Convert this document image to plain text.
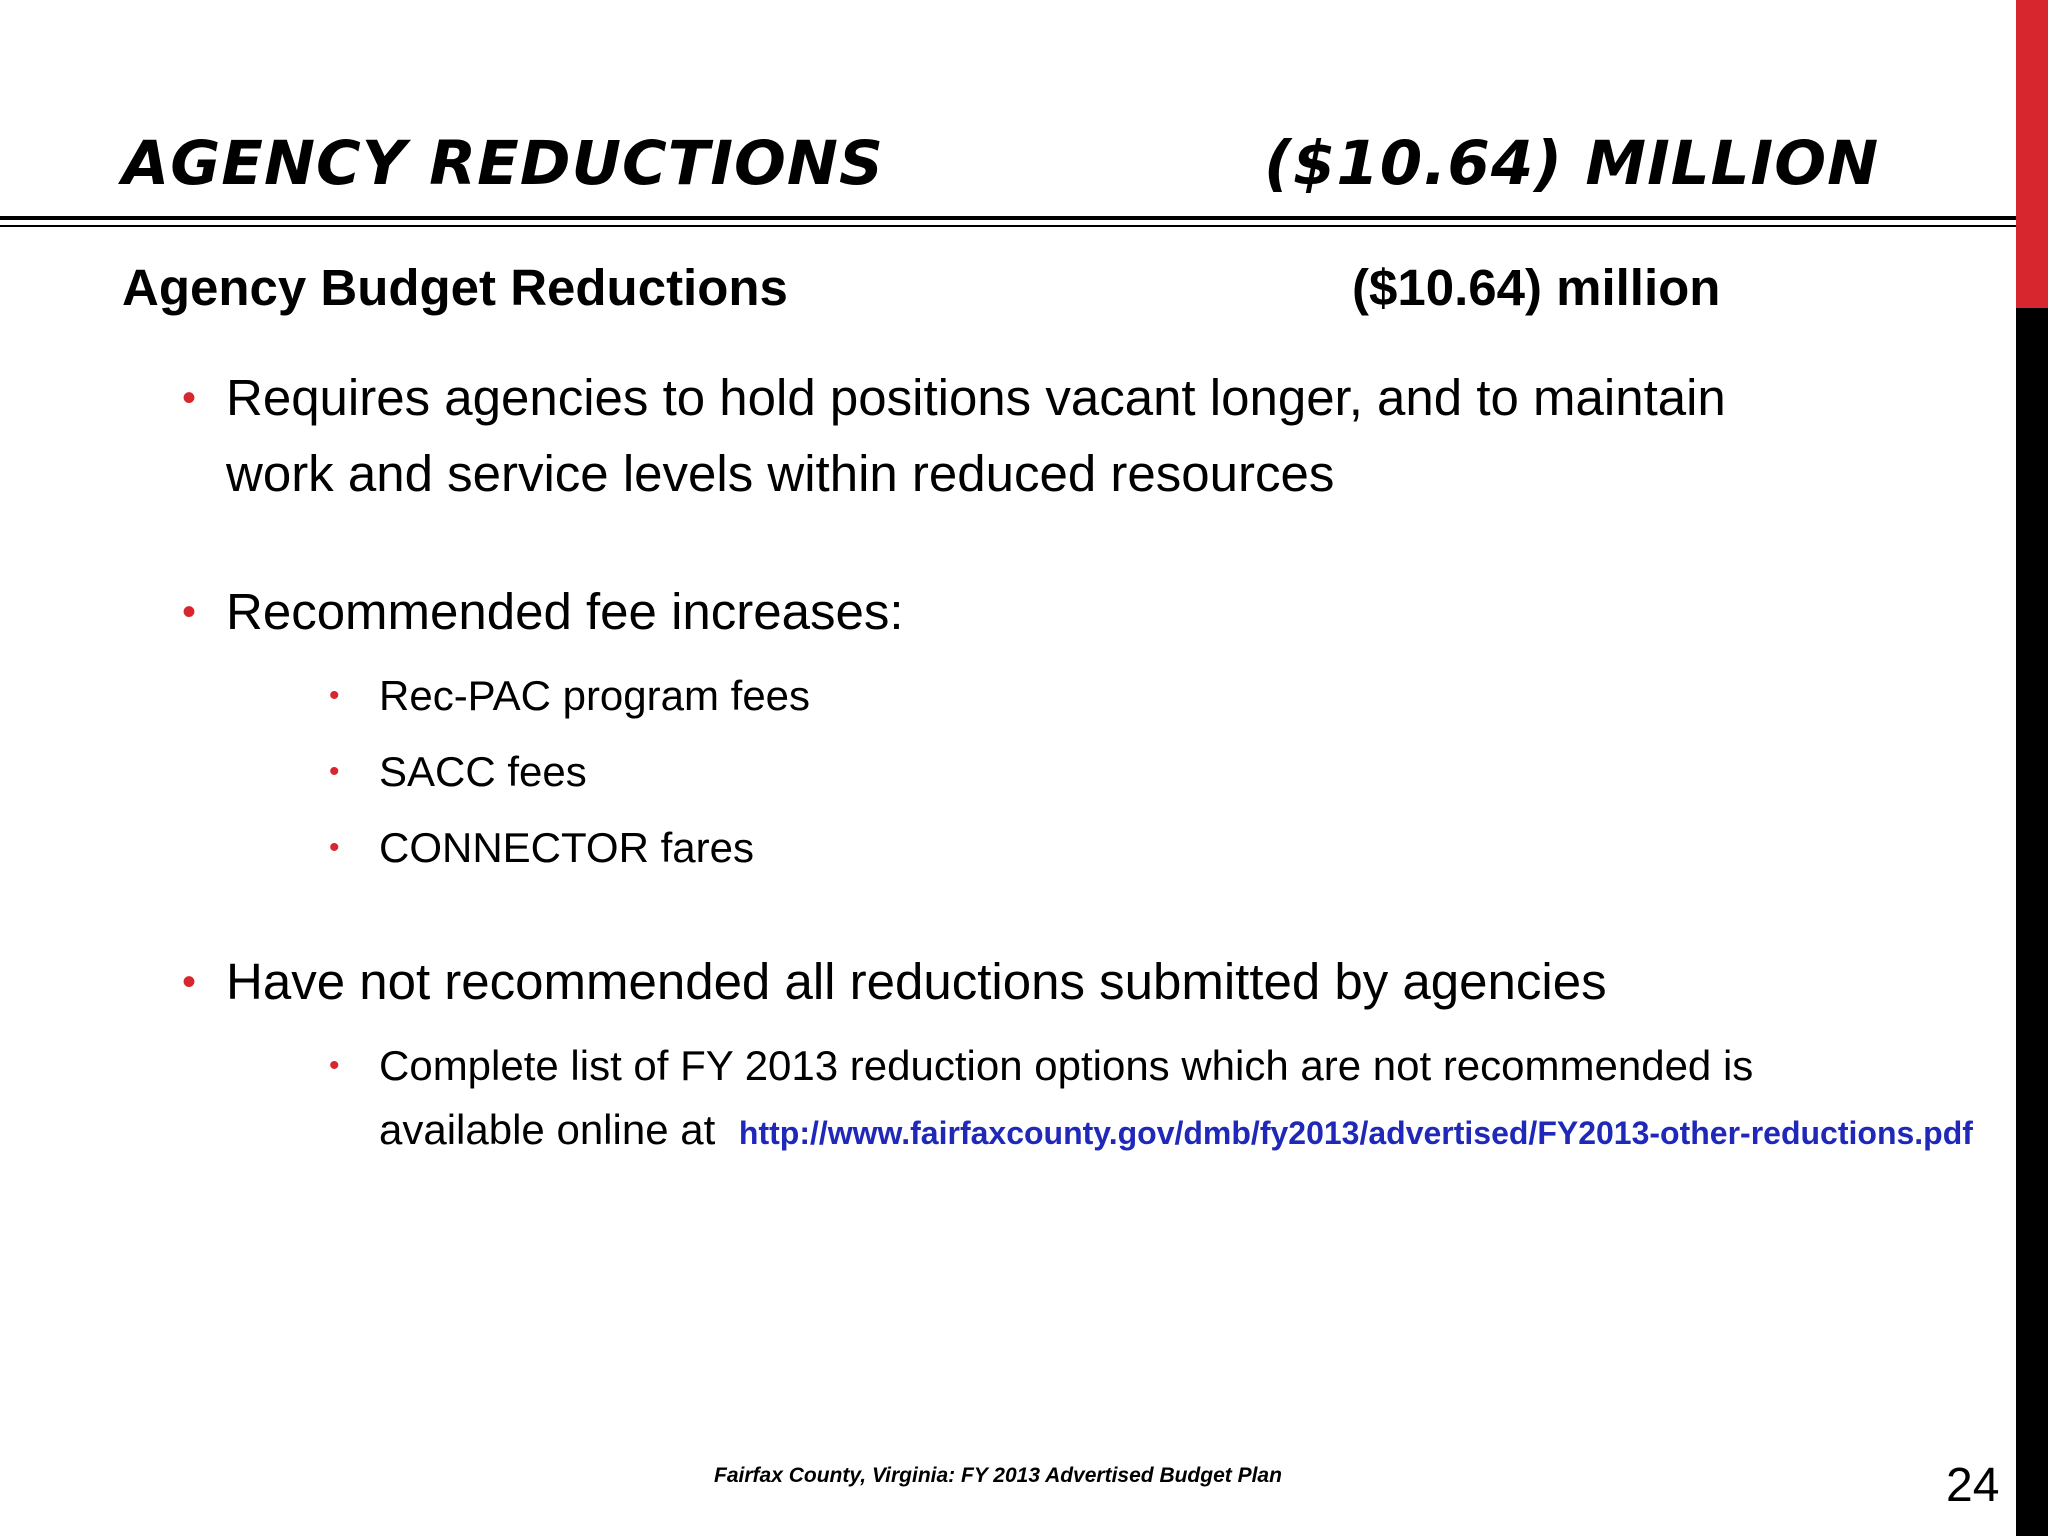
AGENCY REDUCTIONS	($10.64) MILLION
Agency Budget Reductions	($10.64) million
• Requires agencies to hold positions vacant longer, and to maintain
work and service levels within reduced resources
• Recommended fee increases:
• Rec-PAC program fees
• SACC fees
• CONNECTOR fares
• Have not recommended all reductions submitted by agencies
• Complete list of FY 2013 reduction options which are not recommended is
available online at http://www.fairfaxcounty.gov/dmb/fy2013/advertised/FY2013-other-reductions.pdf
Fairfax County, Virginia: FY 2013 Advertised Budget Plan	24
